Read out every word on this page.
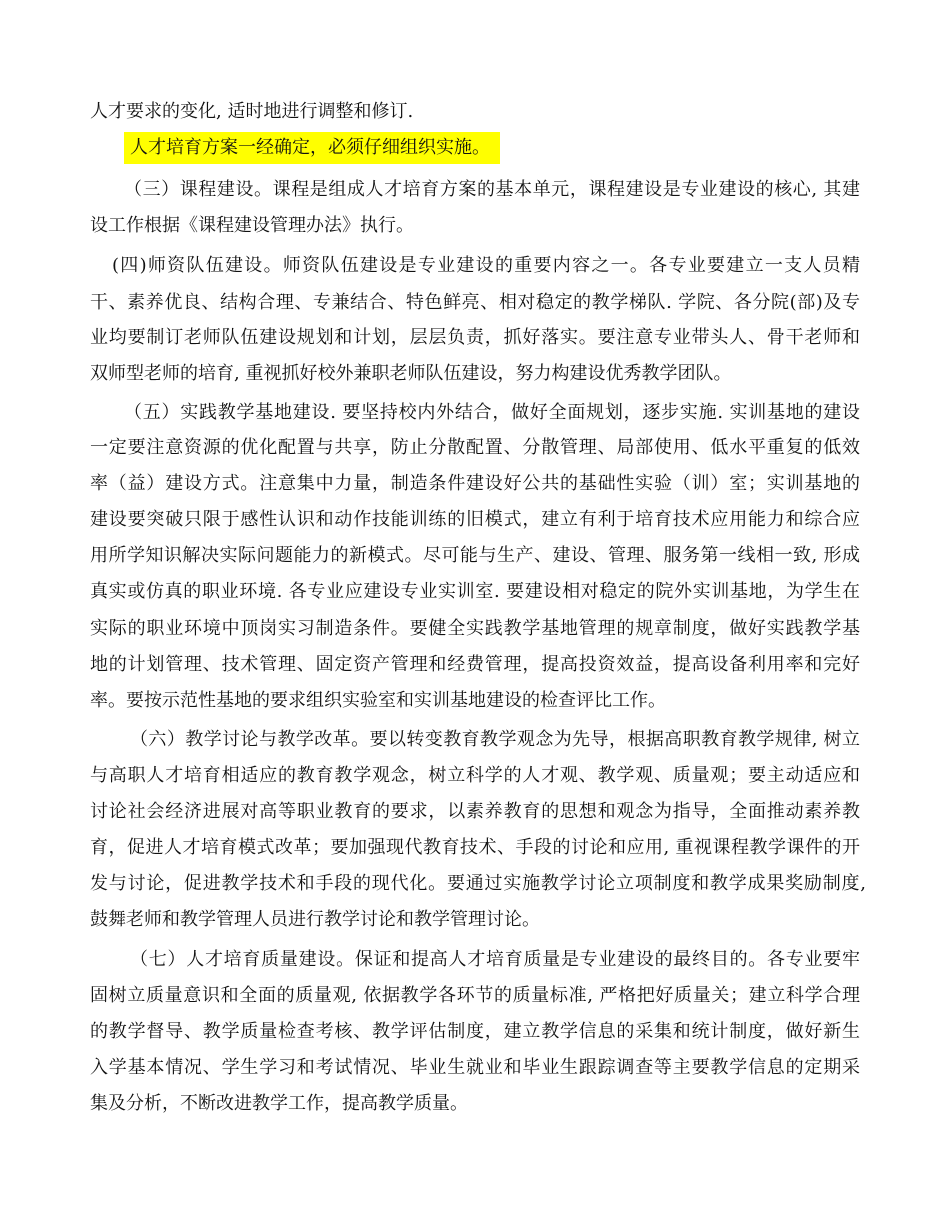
人才要求的变化, 适时地进行调整和修订.
人才培育方案一经确定，必须仔细组织实施。
（三）课程建设。课程是组成人才培育方案的基本单元，课程建设是专业建设的核心, 其建
设工作根据《课程建设管理办法》执行。
(四)师资队伍建设。师资队伍建设是专业建设的重要内容之一。各专业要建立一支人员精
干、素养优良、结构合理、专兼结合、特色鲜亮、相对稳定的教学梯队. 学院、各分院(部)及专
业均要制订老师队伍建设规划和计划，层层负责，抓好落实。要注意专业带头人、骨干老师和
双师型老师的培育, 重视抓好校外兼职老师队伍建设，努力构建设优秀教学团队。
（五）实践教学基地建设. 要坚持校内外结合，做好全面规划，逐步实施. 实训基地的建设
一定要注意资源的优化配置与共享，防止分散配置、分散管理、局部使用、低水平重复的低效
率（益）建设方式。注意集中力量，制造条件建设好公共的基础性实验（训）室；实训基地的
建设要突破只限于感性认识和动作技能训练的旧模式，建立有利于培育技术应用能力和综合应
用所学知识解决实际问题能力的新模式。尽可能与生产、建设、管理、服务第一线相一致, 形成
真实或仿真的职业环境. 各专业应建设专业实训室. 要建设相对稳定的院外实训基地，为学生在
实际的职业环境中顶岗实习制造条件。要健全实践教学基地管理的规章制度，做好实践教学基
地的计划管理、技术管理、固定资产管理和经费管理，提高投资效益，提高设备利用率和完好
率。要按示范性基地的要求组织实验室和实训基地建设的检查评比工作。
（六）教学讨论与教学改革。要以转变教育教学观念为先导，根据高职教育教学规律, 树立
与高职人才培育相适应的教育教学观念，树立科学的人才观、教学观、质量观；要主动适应和
讨论社会经济进展对高等职业教育的要求，以素养教育的思想和观念为指导，全面推动素养教
育，促进人才培育模式改革；要加强现代教育技术、手段的讨论和应用, 重视课程教学课件的开
发与讨论，促进教学技术和手段的现代化。要通过实施教学讨论立项制度和教学成果奖励制度,
鼓舞老师和教学管理人员进行教学讨论和教学管理讨论。
（七）人才培育质量建设。保证和提高人才培育质量是专业建设的最终目的。各专业要牢
固树立质量意识和全面的质量观, 依据教学各环节的质量标准, 严格把好质量关；建立科学合理
的教学督导、教学质量检查考核、教学评估制度，建立教学信息的采集和统计制度，做好新生
入学基本情况、学生学习和考试情况、毕业生就业和毕业生跟踪调查等主要教学信息的定期采
集及分析，不断改进教学工作，提高教学质量。
